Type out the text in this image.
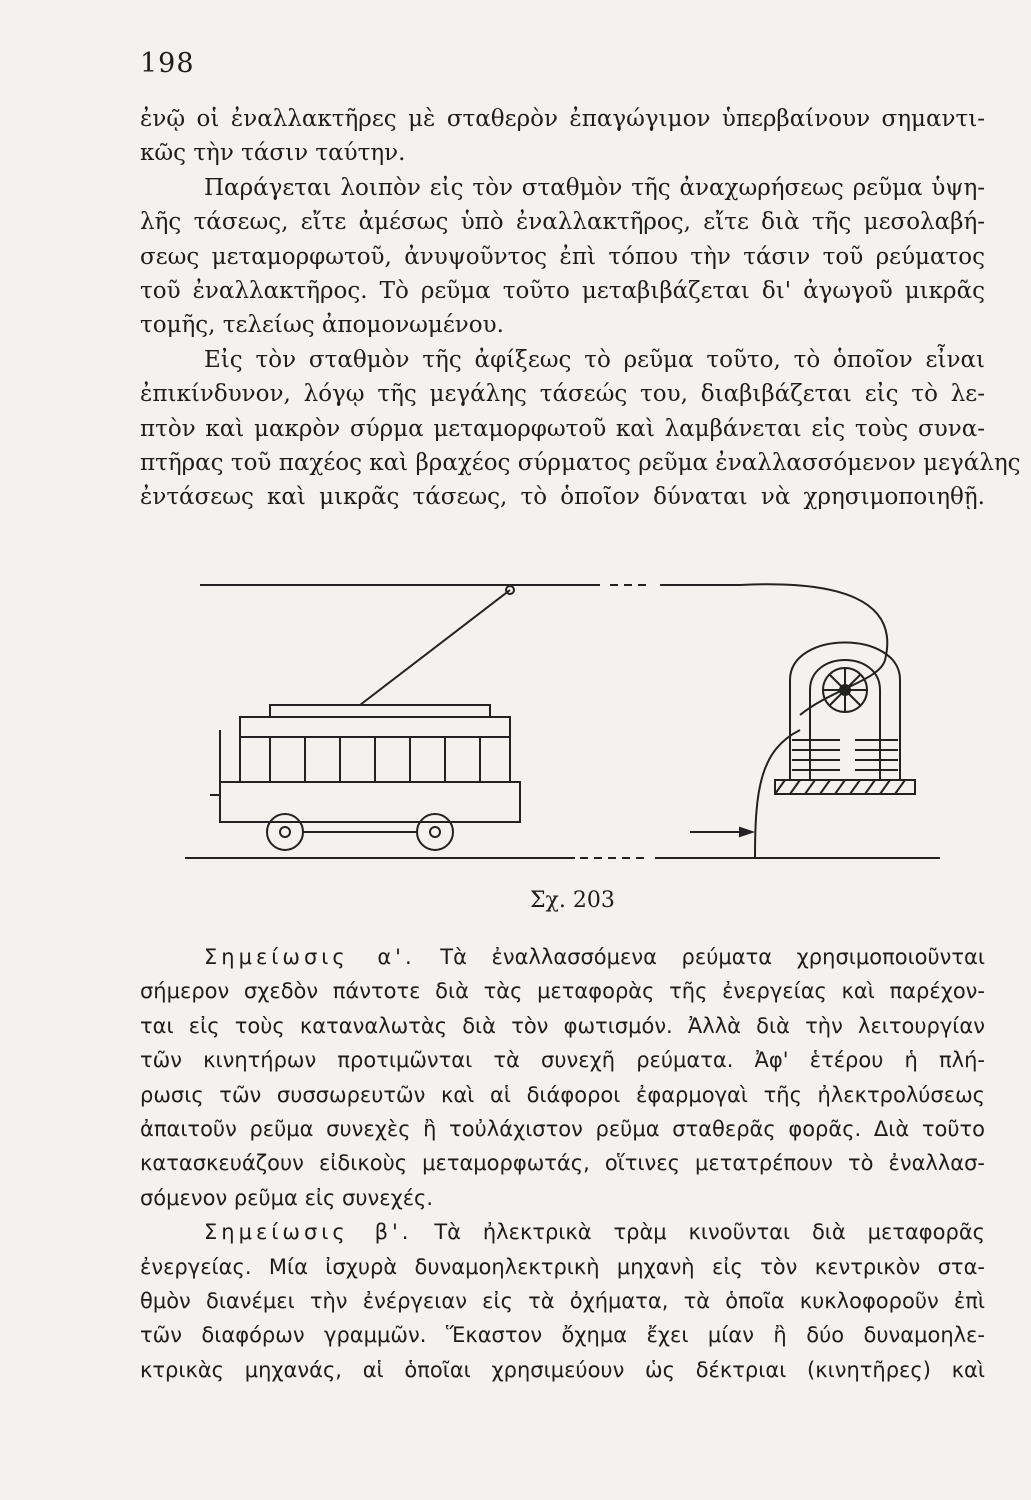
198

ἐνῷ οἱ ἐναλλακτῆρες μὲ σταθερὸν ἐπαγώγιμον ὑπερβαίνουν σημαντι-
κῶς τὴν τάσιν ταύτην.

Παράγεται λοιπὸν εἰς τὸν σταθμὸν τῆς ἀναχωρήσεως ρεῦμα ὑψη-
λῆς τάσεως, εἴτε ἀμέσως ὑπὸ ἐναλλακτῆρος, εἴτε διὰ τῆς μεσολαβή-
σεως μεταμορφωτοῦ, ἀνυψοῦντος ἐπὶ τόπου τὴν τάσιν τοῦ ρεύματος
τοῦ ἐναλλακτῆρος. Τὸ ρεῦμα τοῦτο μεταβιβάζεται δι' ἀγωγοῦ μικρᾶς
τομῆς, τελείως ἀπομονωμένου.

Εἰς τὸν σταθμὸν τῆς ἀφίξεως τὸ ρεῦμα τοῦτο, τὸ ὁποῖον εἶναι
ἐπικίνδυνον, λόγῳ τῆς μεγάλης τάσεώς του, διαβιβάζεται εἰς τὸ λε-
πτὸν καὶ μακρὸν σύρμα μεταμορφωτοῦ καὶ λαμβάνεται εἰς τοὺς συνα-
πτῆρας τοῦ παχέος καὶ βραχέος σύρματος ρεῦμα ἐναλλασσόμενον μεγάλης
ἐντάσεως καὶ μικρᾶς τάσεως, τὸ ὁποῖον δύναται νὰ χρησιμοποιηθῇ.

Σχ. 203

Σημείωσις α'. Τὰ ἐναλλασσόμενα ρεύματα χρησιμοποιοῦνται
σήμερον σχεδὸν πάντοτε διὰ τὰς μεταφορὰς τῆς ἐνεργείας καὶ παρέχον-
ται εἰς τοὺς καταναλωτὰς διὰ τὸν φωτισμόν. Ἀλλὰ διὰ τὴν λειτουργίαν
τῶν κινητήρων προτιμῶνται τὰ συνεχῆ ρεύματα. Ἀφ' ἑτέρου ἡ πλή-
ρωσις τῶν συσσωρευτῶν καὶ αἱ διάφοροι ἐφαρμογαὶ τῆς ἠλεκτρολύσεως
ἀπαιτοῦν ρεῦμα συνεχὲς ἢ τοὐλάχιστον ρεῦμα σταθερᾶς φορᾶς. Διὰ τοῦτο
κατασκευάζουν εἰδικοὺς μεταμορφωτάς, οἵτινες μετατρέπουν τὸ ἐναλλασ-
σόμενον ρεῦμα εἰς συνεχές.

Σημείωσις β'. Τὰ ἠλεκτρικὰ τρὰμ κινοῦνται διὰ μεταφορᾶς
ἐνεργείας. Μία ἰσχυρὰ δυναμοηλεκτρικὴ μηχανὴ εἰς τὸν κεντρικὸν στα-
θμὸν διανέμει τὴν ἐνέργειαν εἰς τὰ ὀχήματα, τὰ ὁποῖα κυκλοφοροῦν ἐπὶ
τῶν διαφόρων γραμμῶν. Ἕκαστον ὄχημα ἔχει μίαν ἢ δύο δυναμοηλε-
κτρικὰς μηχανάς, αἱ ὁποῖαι χρησιμεύουν ὡς δέκτριαι (κινητῆρες) καὶ
